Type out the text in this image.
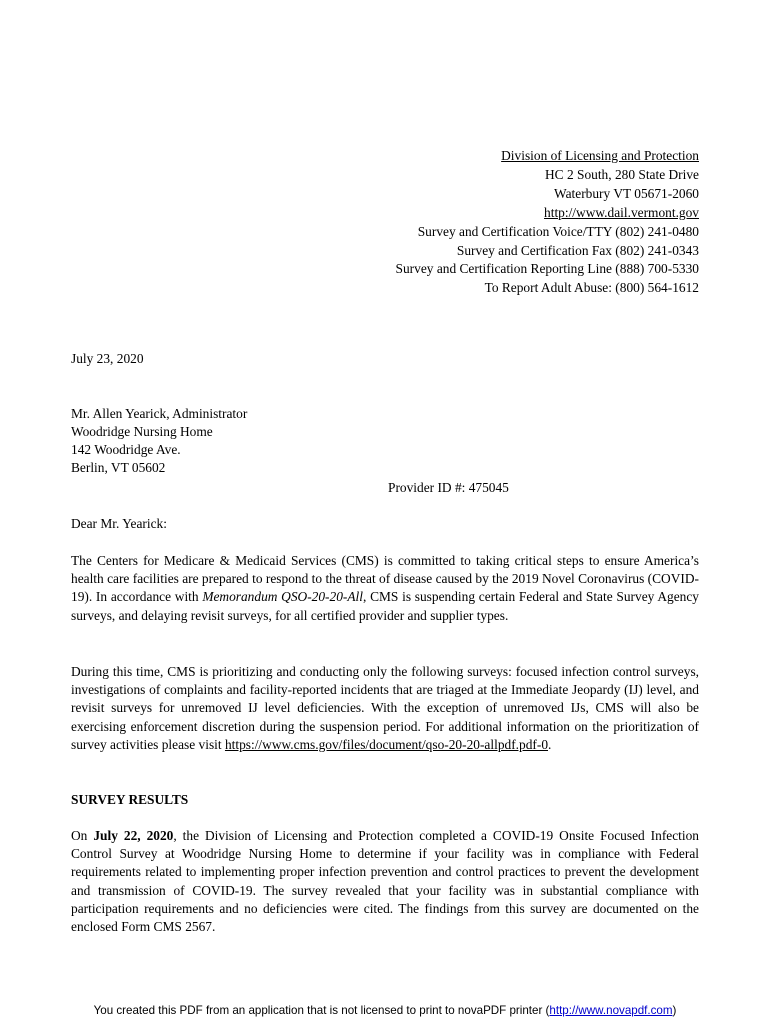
Division of Licensing and Protection
HC 2 South, 280 State Drive
Waterbury VT 05671-2060
http://www.dail.vermont.gov
Survey and Certification Voice/TTY (802) 241-0480
Survey and Certification Fax (802) 241-0343
Survey and Certification Reporting Line (888) 700-5330
To Report Adult Abuse: (800) 564-1612
July 23, 2020
Mr. Allen Yearick, Administrator
Woodridge Nursing Home
142 Woodridge Ave.
Berlin, VT 05602
Provider ID #: 475045
Dear Mr. Yearick:
The Centers for Medicare & Medicaid Services (CMS) is committed to taking critical steps to ensure America’s health care facilities are prepared to respond to the threat of disease caused by the 2019 Novel Coronavirus (COVID-19). In accordance with Memorandum QSO-20-20-All, CMS is suspending certain Federal and State Survey Agency surveys, and delaying revisit surveys, for all certified provider and supplier types.
During this time, CMS is prioritizing and conducting only the following surveys: focused infection control surveys, investigations of complaints and facility-reported incidents that are triaged at the Immediate Jeopardy (IJ) level, and revisit surveys for unremoved IJ level deficiencies. With the exception of unremoved IJs, CMS will also be exercising enforcement discretion during the suspension period. For additional information on the prioritization of survey activities please visit https://www.cms.gov/files/document/qso-20-20-allpdf.pdf-0.
SURVEY RESULTS
On July 22, 2020, the Division of Licensing and Protection completed a COVID-19 Onsite Focused Infection Control Survey at Woodridge Nursing Home to determine if your facility was in compliance with Federal requirements related to implementing proper infection prevention and control practices to prevent the development and transmission of COVID-19. The survey revealed that your facility was in substantial compliance with participation requirements and no deficiencies were cited. The findings from this survey are documented on the enclosed Form CMS 2567.
You created this PDF from an application that is not licensed to print to novaPDF printer (http://www.novapdf.com)
